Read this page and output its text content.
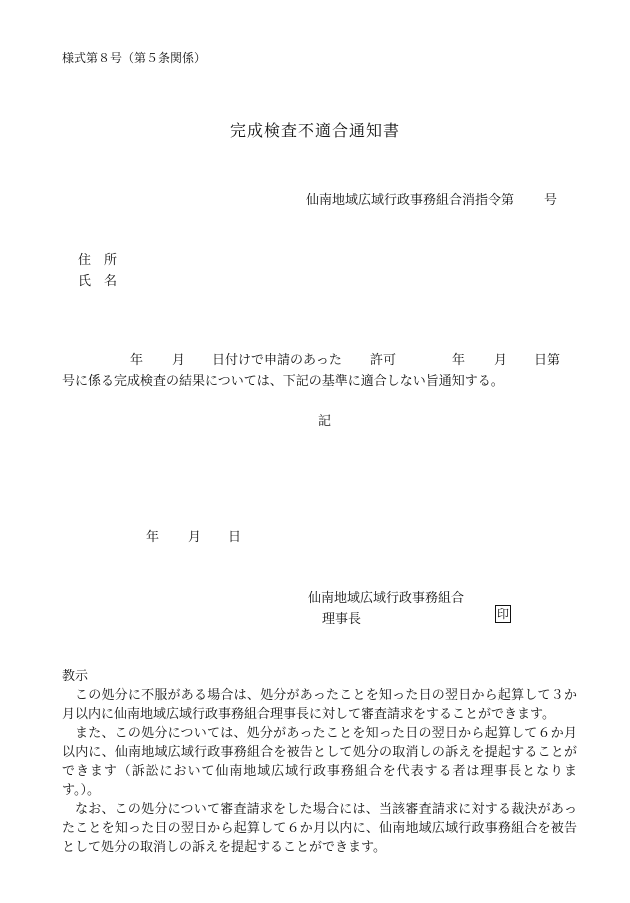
様式第８号（第５条関係）
完成検査不適合通知書
仙南地域広域行政事務組合消指令第 号
住　所
氏　名
年 月 日付けで申請のあった 許可	年 月 日第
号に係る完成検査の結果については、下記の基準に適合しない旨通知する。
記
年 月 日
仙南地域広域行政事務組合
理事長	印
教示

この処分に不服がある場合は、処分があったことを知った日の翌日から起算して３か月以内に仙南地域広域行政事務組合理事長に対して審査請求をすることができます。

また、この処分については、処分があったことを知った日の翌日から起算して６か月以内に、仙南地域広域行政事務組合を被告として処分の取消しの訴えを提起することができます（訴訟において仙南地域広域行政事務組合を代表する者は理事長となります。）。

なお、この処分について審査請求をした場合には、当該審査請求に対する裁決があったことを知った日の翌日から起算して６か月以内に、仙南地域広域行政事務組合を被告として処分の取消しの訴えを提起することができます。
